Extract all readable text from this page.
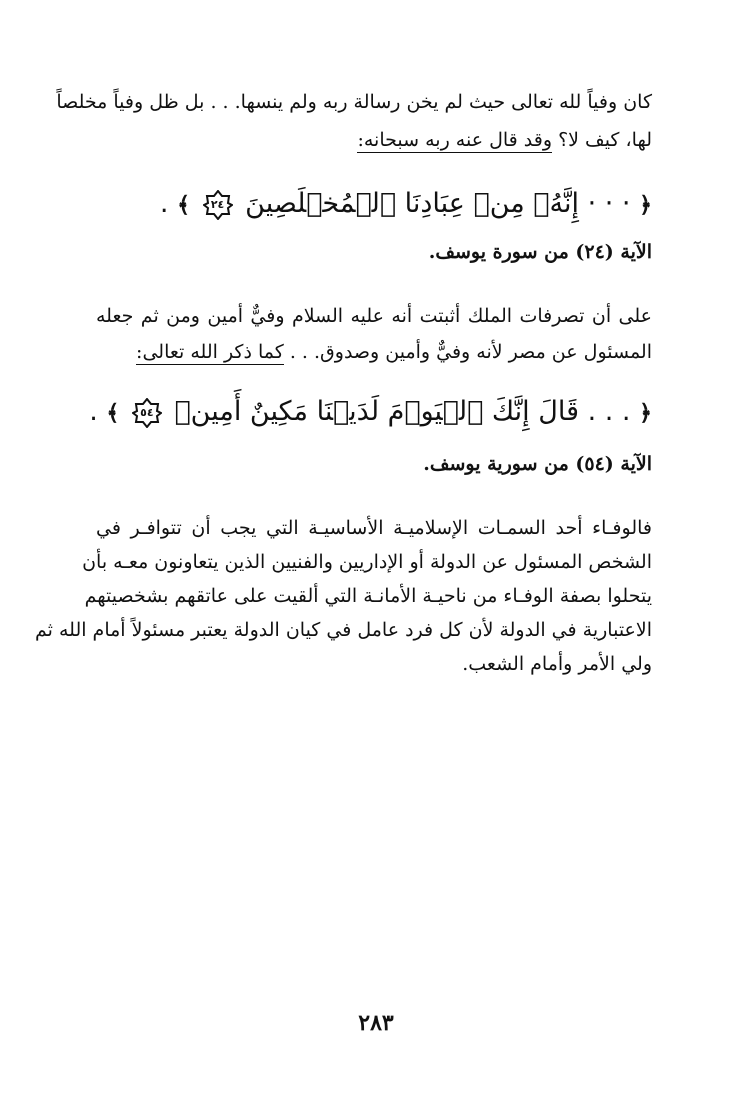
كان وفياً لله تعالى حيث لم يخن رسالة ربه ولم ينسها. . . بل ظل وفياً مخلصاً
لها، كيف لا؟ وقد قال عنه ربه سبحانه:
﴿ · · · إِنَّهُۥ مِنۡ عِبَادِنَا ٱلۡمُخۡلَصِينَ
٢٤
﴾ .
الآية (٢٤) من سورة يوسف.
على أن تصرفات الملك أثبتت أنه عليه السلام وفيٌّ أمين ومن ثم جعله
المسئول عن مصر لأنه وفيٌّ وأمين وصدوق. . . كما ذكر الله تعالى:
﴿ . . . قَالَ إِنَّكَ ٱلۡيَوۡمَ لَدَيۡنَا مَكِينٌ أَمِينٞ
٥٤
﴾ .
الآية (٥٤) من سورية يوسف.
فالوفـاء أحد السمـات الإسلاميـة الأساسيـة التي يجب أن تتوافـر في
الشخص المسئول عن الدولة أو الإداريين والفنيين الذين يتعاونون معـه بأن
يتحلوا بصفة الوفـاء من ناحيـة الأمانـة التي ألقيت على عاتقهم بشخصيتهم
الاعتبارية في الدولة لأن كل فرد عامل في كيان الدولة يعتبر مسئولاً أمام الله ثم
ولي الأمر وأمام الشعب.
٢٨٣
